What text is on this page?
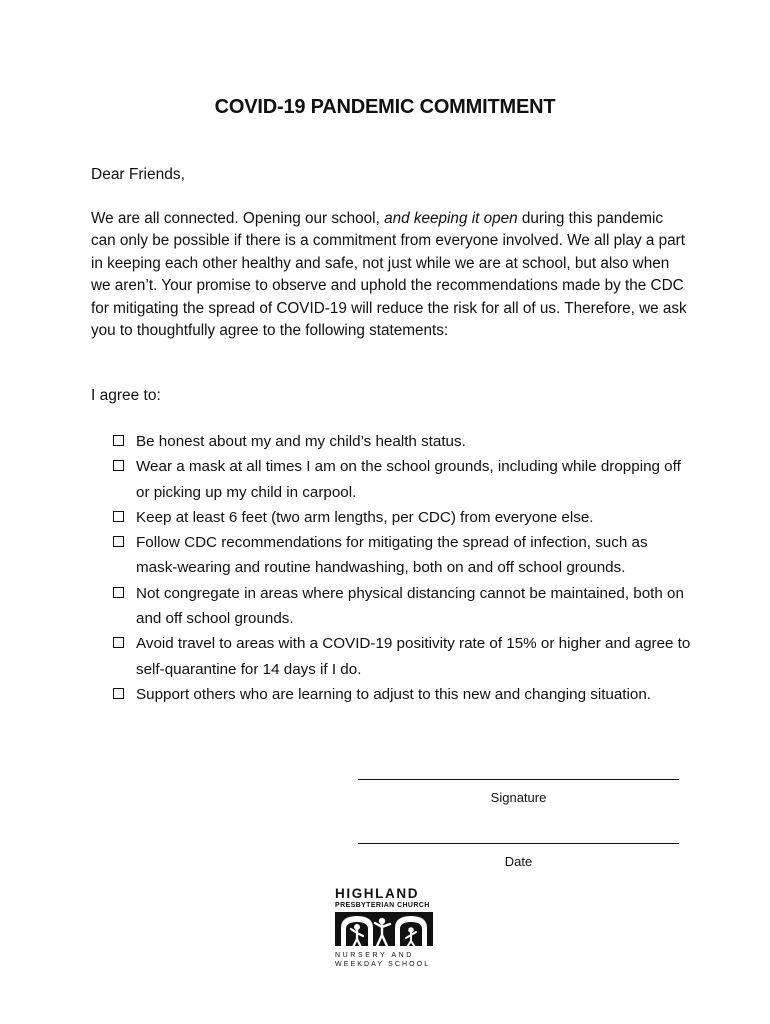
COVID-19 PANDEMIC COMMITMENT
Dear Friends,
We are all connected. Opening our school, and keeping it open during this pandemic can only be possible if there is a commitment from everyone involved. We all play a part in keeping each other healthy and safe, not just while we are at school, but also when we aren’t. Your promise to observe and uphold the recommendations made by the CDC for mitigating the spread of COVID-19 will reduce the risk for all of us. Therefore, we ask you to thoughtfully agree to the following statements:
I agree to:
Be honest about my and my child’s health status.
Wear a mask at all times I am on the school grounds, including while dropping off or picking up my child in carpool.
Keep at least 6 feet (two arm lengths, per CDC) from everyone else.
Follow CDC recommendations for mitigating the spread of infection, such as mask-wearing and routine handwashing, both on and off school grounds.
Not congregate in areas where physical distancing cannot be maintained, both on and off school grounds.
Avoid travel to areas with a COVID-19 positivity rate of 15% or higher and agree to self-quarantine for 14 days if I do.
Support others who are learning to adjust to this new and changing situation.
Signature
Date
HIGHLAND
PRESBYTERIAN CHURCH
NURSERY AND
WEEKDAY SCHOOL
